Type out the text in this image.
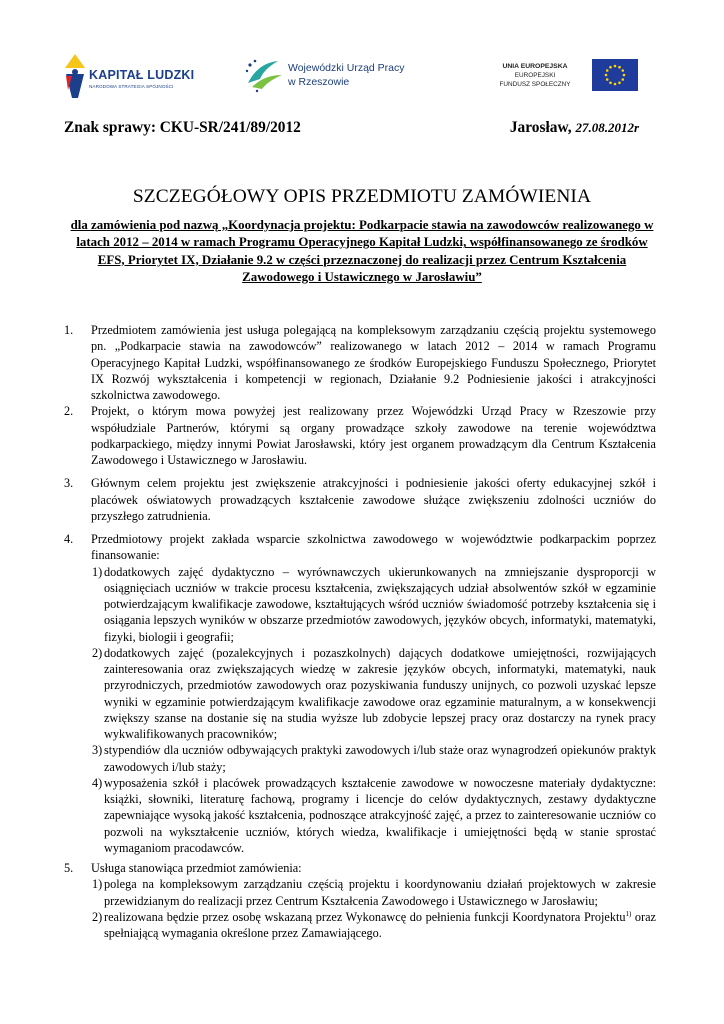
KAPITAŁ LUDZKI
NARODOWA STRATEGIA SPÓJNOŚCI
Wojewódzki Urząd Pracy
w Rzeszowie
UNIA EUROPEJSKA
EUROPEJSKI
FUNDUSZ SPOŁECZNY
Znak sprawy: CKU-SR/241/89/2012	Jarosław, 27.08.2012r
SZCZEGÓŁOWY OPIS PRZEDMIOTU ZAMÓWIENIA
dla zamówienia pod nazwą „Koordynacja projektu: Podkarpacie stawia na zawodowców realizowanego w latach 2012 – 2014 w ramach Programu Operacyjnego Kapitał Ludzki, współfinansowanego ze środków EFS, Priorytet IX, Działanie 9.2 w części przeznaczonej do realizacji przez Centrum Kształcenia Zawodowego i Ustawicznego w Jarosławiu”
1. Przedmiotem zamówienia jest usługa polegającą na kompleksowym zarządzaniu częścią projektu systemowego pn. „Podkarpacie stawia na zawodowców” realizowanego w latach 2012 – 2014 w ramach Programu Operacyjnego Kapitał Ludzki, współfinansowanego ze środków Europejskiego Funduszu Społecznego, Priorytet IX Rozwój wykształcenia i kompetencji w regionach, Działanie 9.2 Podniesienie jakości i atrakcyjności szkolnictwa zawodowego.
2. Projekt, o którym mowa powyżej jest realizowany przez Wojewódzki Urząd Pracy w Rzeszowie przy współudziale Partnerów, którymi są organy prowadzące szkoły zawodowe na terenie województwa podkarpackiego, między innymi Powiat Jarosławski, który jest organem prowadzącym dla Centrum Kształcenia Zawodowego i Ustawicznego w Jarosławiu.
3. Głównym celem projektu jest zwiększenie atrakcyjności i podniesienie jakości oferty edukacyjnej szkół i placówek oświatowych prowadzących kształcenie zawodowe służące zwiększeniu zdolności uczniów do przyszłego zatrudnienia.
4. Przedmiotowy projekt zakłada wsparcie szkolnictwa zawodowego w województwie podkarpackim poprzez finansowanie:
1) dodatkowych zajęć dydaktyczno – wyrównawczych ukierunkowanych na zmniejszanie dysproporcji w osiągnięciach uczniów w trakcie procesu kształcenia, zwiększających udział absolwentów szkół w egzaminie potwierdzającym kwalifikacje zawodowe, kształtujących wśród uczniów świadomość potrzeby kształcenia się i osiągania lepszych wyników w obszarze przedmiotów zawodowych, języków obcych, informatyki, matematyki, fizyki, biologii i geografii;
2) dodatkowych zajęć (pozalekcyjnych i pozaszkolnych) dających dodatkowe umiejętności, rozwijających zainteresowania oraz zwiększających wiedzę w zakresie języków obcych, informatyki, matematyki, nauk przyrodniczych, przedmiotów zawodowych oraz pozyskiwania funduszy unijnych, co pozwoli uzyskać lepsze wyniki w egzaminie potwierdzającym kwalifikacje zawodowe oraz egzaminie maturalnym, a w konsekwencji zwiększy szanse na dostanie się na studia wyższe lub zdobycie lepszej pracy oraz dostarczy na rynek pracy wykwalifikowanych pracowników;
3) stypendiów dla uczniów odbywających praktyki zawodowych i/lub staże oraz wynagrodzeń opiekunów praktyk zawodowych i/lub staży;
4) wyposażenia szkół i placówek prowadzących kształcenie zawodowe w nowoczesne materiały dydaktyczne: książki, słowniki, literaturę fachową, programy i licencje do celów dydaktycznych, zestawy dydaktyczne zapewniające wysoką jakość kształcenia, podnoszące atrakcyjność zajęć, a przez to zainteresowanie uczniów co pozwoli na wykształcenie uczniów, których wiedza, kwalifikacje i umiejętności będą w stanie sprostać wymaganiom pracodawców.
5. Usługa stanowiąca przedmiot zamówienia:
1) polega na kompleksowym zarządzaniu częścią projektu i koordynowaniu działań projektowych w zakresie przewidzianym do realizacji przez Centrum Kształcenia Zawodowego i Ustawicznego w Jarosławiu;
2) realizowana będzie przez osobę wskazaną przez Wykonawcę do pełnienia funkcji Koordynatora Projektu$^{1)}$ oraz spełniającą wymagania określone przez Zamawiającego.
